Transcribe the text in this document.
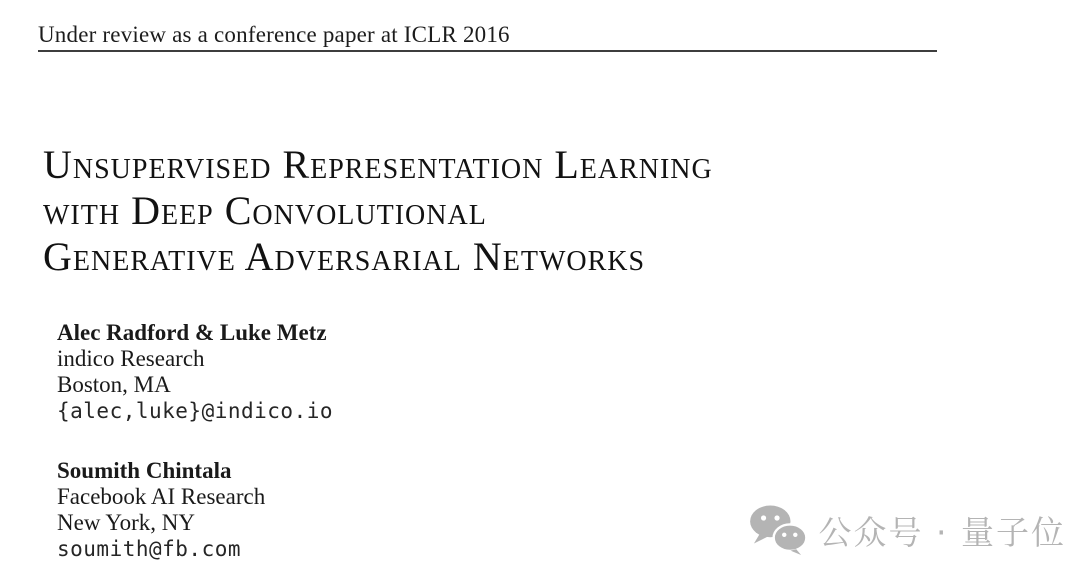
Under review as a conference paper at ICLR 2016
Unsupervised Representation Learning
with Deep Convolutional
Generative Adversarial Networks
Alec Radford & Luke Metz
indico Research
Boston, MA
{alec,luke}@indico.io
Soumith Chintala
Facebook AI Research
New York, NY
soumith@fb.com	公众号 · 量子位
